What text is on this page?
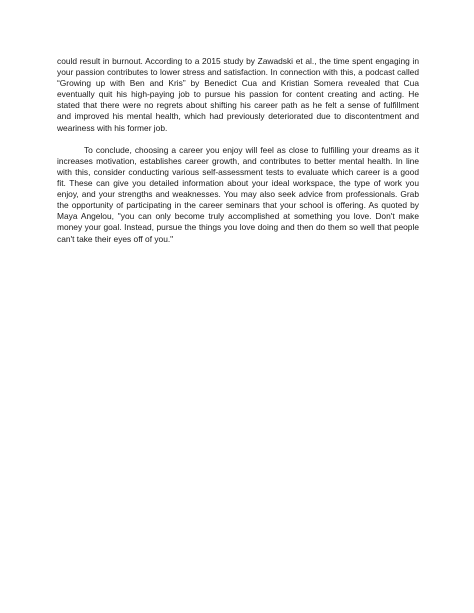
could result in burnout. According to a 2015 study by Zawadski et al., the time spent engaging in your passion contributes to lower stress and satisfaction. In connection with this, a podcast called “Growing up with Ben and Kris” by Benedict Cua and Kristian Somera revealed that Cua eventually quit his high-paying job to pursue his passion for content creating and acting. He stated that there were no regrets about shifting his career path as he felt a sense of fulfillment and improved his mental health, which had previously deteriorated due to discontentment and weariness with his former job.

To conclude, choosing a career you enjoy will feel as close to fulfilling your dreams as it increases motivation, establishes career growth, and contributes to better mental health. In line with this, consider conducting various self-assessment tests to evaluate which career is a good fit. These can give you detailed information about your ideal workspace, the type of work you enjoy, and your strengths and weaknesses. You may also seek advice from professionals. Grab the opportunity of participating in the career seminars that your school is offering. As quoted by Maya Angelou, "you can only become truly accomplished at something you love. Don't make money your goal. Instead, pursue the things you love doing and then do them so well that people can't take their eyes off of you."
